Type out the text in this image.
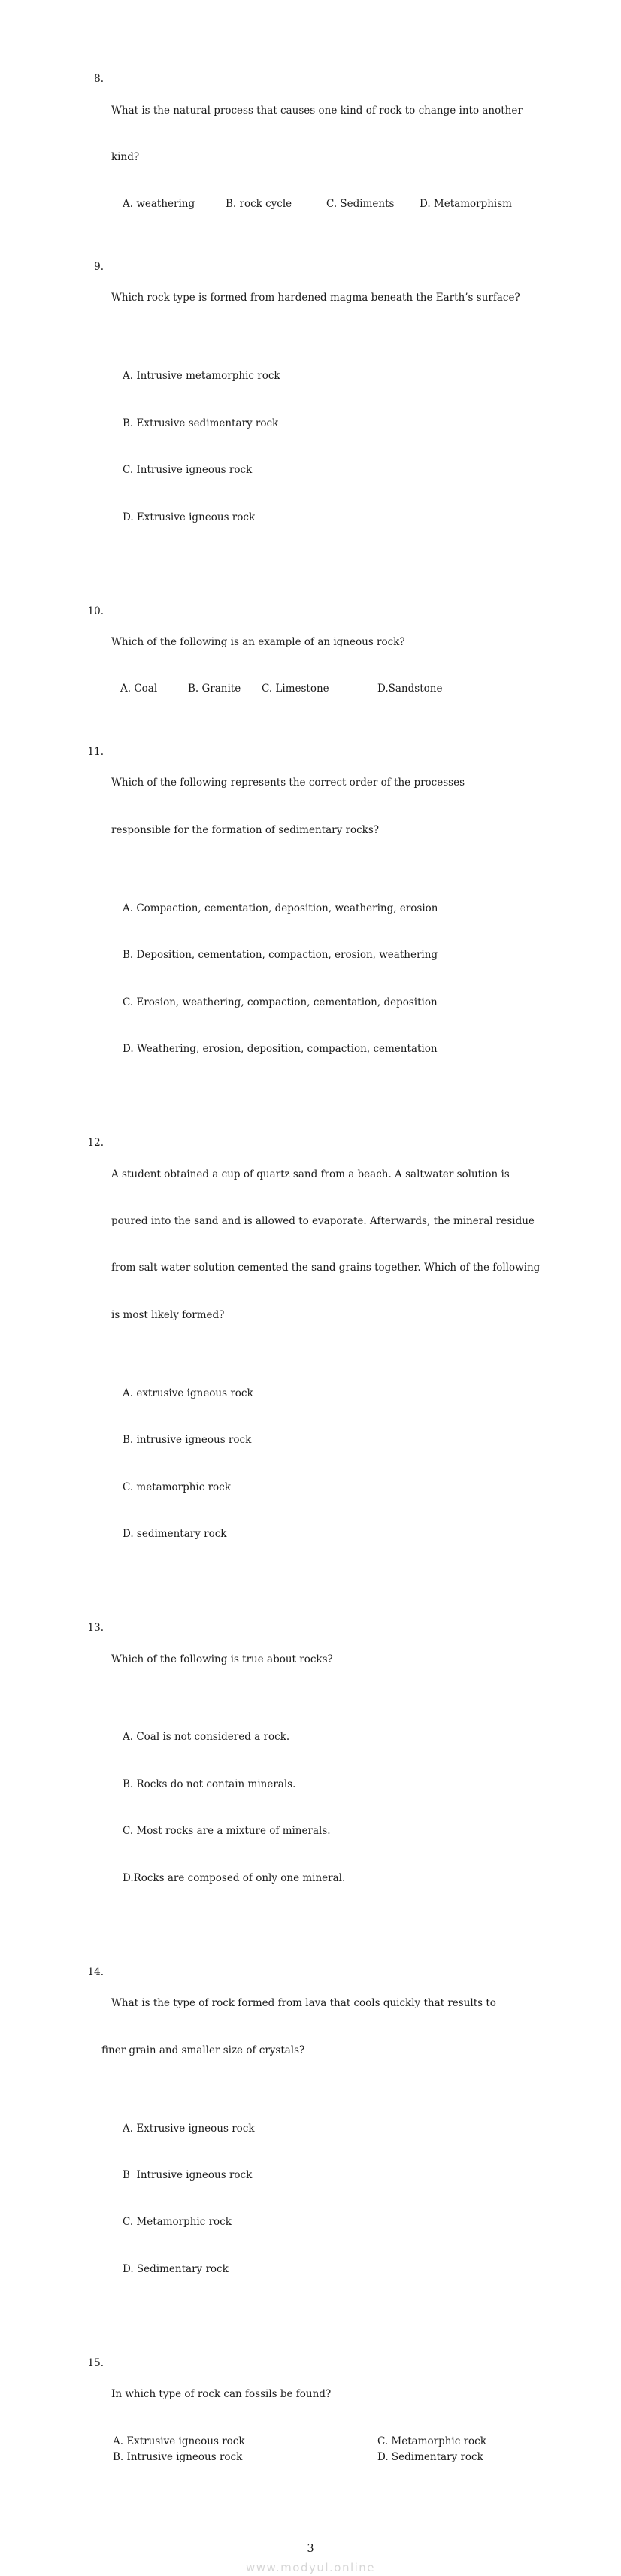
8.

What is the natural process that causes one kind of rock to change into another

kind?

A. weathering	B. rock cycle	C. Sediments	D. Metamorphism

9.

Which rock type is formed from hardened magma beneath the Earth’s surface?

A. Intrusive metamorphic rock

B. Extrusive sedimentary rock

C. Intrusive igneous rock

D. Extrusive igneous rock

10.

Which of the following is an example of an igneous rock?

A. Coal	B. Granite	C. Limestone	D.Sandstone

11.

Which of the following represents the correct order of the processes

responsible for the formation of sedimentary rocks?

A. Compaction, cementation, deposition, weathering, erosion

B. Deposition, cementation, compaction, erosion, weathering

C. Erosion, weathering, compaction, cementation, deposition

D. Weathering, erosion, deposition, compaction, cementation

12.

A student obtained a cup of quartz sand from a beach. A saltwater solution is

poured into the sand and is allowed to evaporate. Afterwards, the mineral residue

from salt water solution cemented the sand grains together. Which of the following

is most likely formed?

A. extrusive igneous rock

B. intrusive igneous rock

C. metamorphic rock

D. sedimentary rock

13.

Which of the following is true about rocks?

A. Coal is not considered a rock.

B. Rocks do not contain minerals.

C. Most rocks are a mixture of minerals.

D.Rocks are composed of only one mineral.

14.

What is the type of rock formed from lava that cools quickly that results to

finer grain and smaller size of crystals?

A. Extrusive igneous rock

B  Intrusive igneous rock

C. Metamorphic rock

D. Sedimentary rock

15.

In which type of rock can fossils be found?

A. Extrusive igneous rock	C. Metamorphic rock
B. Intrusive igneous rock	D. Sedimentary rock

3
www.modyul.online
